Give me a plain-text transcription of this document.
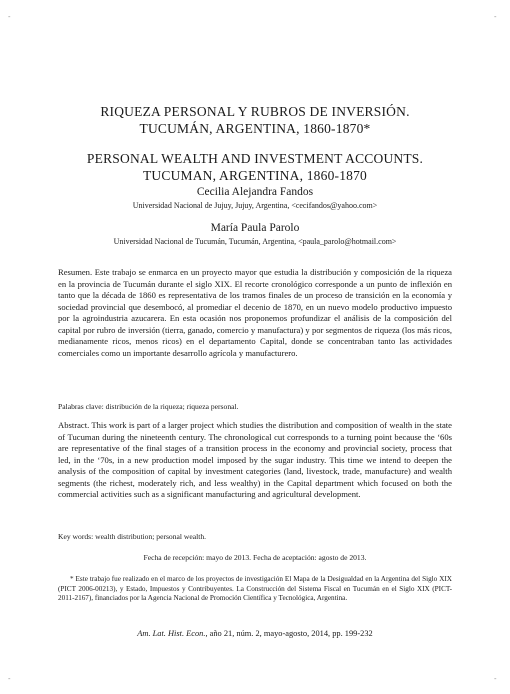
-	-
-	-
RIQUEZA PERSONAL Y RUBROS DE INVERSIÓN.
TUCUMÁN, ARGENTINA, 1860-1870*
PERSONAL WEALTH AND INVESTMENT ACCOUNTS.
TUCUMAN, ARGENTINA, 1860-1870
Cecilia Alejandra Fandos
Universidad Nacional de Jujuy, Jujuy, Argentina, <cecifandos@yahoo.com>
María Paula Parolo
Universidad Nacional de Tucumán, Tucumán, Argentina, <paula_parolo@hotmail.com>

Resumen. Este trabajo se enmarca en un proyecto mayor que estudia la distribución y composición de la riqueza en la provincia de Tucumán durante el siglo XIX. El recorte cronológico corresponde a un punto de inflexión en tanto que la década de 1860 es representativa de los tramos finales de un proceso de transición en la economía y sociedad provincial que desembocó, al promediar el decenio de 1870, en un nuevo modelo productivo impuesto por la agroindustria azucarera. En esta ocasión nos proponemos profundizar el análisis de la composición del capital por rubro de inversión (tierra, ganado, comercio y manufactura) y por segmentos de riqueza (los más ricos, medianamente ricos, menos ricos) en el departamento Capital, donde se concentraban tanto las actividades comerciales como un importante desarrollo agrícola y manufacturero.

Palabras clave: distribución de la riqueza; riqueza personal.

Abstract. This work is part of a larger project which studies the distribution and composition of wealth in the state of Tucuman during the nineteenth century. The chronological cut corresponds to a turning point because the ‘60s are representative of the final stages of a transition process in the economy and provincial society, process that led, in the ‘70s, in a new production model imposed by the sugar industry. This time we intend to deepen the analysis of the composition of capital by investment categories (land, livestock, trade, manufacture) and wealth segments (the richest, moderately rich, and less wealthy) in the Capital department which focused on both the commercial activities such as a significant manufacturing and agricultural development.

Key words: wealth distribution; personal wealth.

Fecha de recepción: mayo de 2013. Fecha de aceptación: agosto de 2013.

* Este trabajo fue realizado en el marco de los proyectos de investigación El Mapa de la Desigualdad en la Argentina del Siglo XIX (PICT 2006-00213), y Estado, Impuestos y Contribuyentes. La Construcción del Sistema Fiscal en Tucumán en el Siglo XIX (PICT-2011-2167), financiados por la Agencia Nacional de Promoción Científica y Tecnológica, Argentina.

Am. Lat. Hist. Econ., año 21, núm. 2, mayo-agosto, 2014, pp. 199-232
